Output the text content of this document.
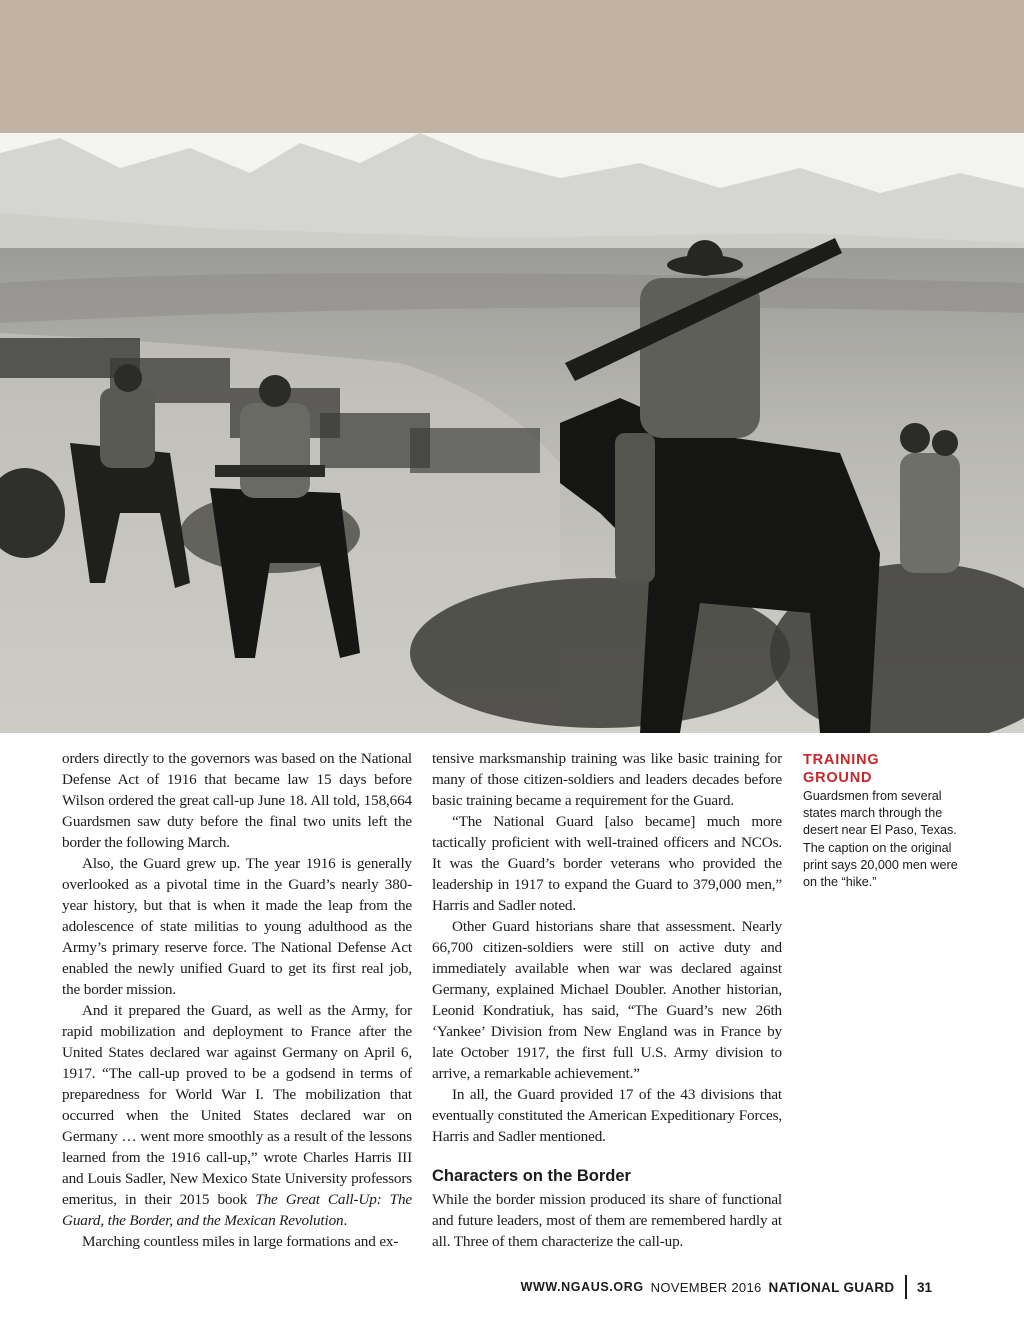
orders directly to the governors was based on the National Defense Act of 1916 that became law 15 days before Wilson ordered the great call-up June 18. All told, 158,664 Guardsmen saw duty before the final two units left the border the following March.

Also, the Guard grew up. The year 1916 is generally overlooked as a pivotal time in the Guard’s nearly 380-year history, but that is when it made the leap from the adolescence of state militias to young adulthood as the Army’s primary reserve force. The National Defense Act enabled the newly unified Guard to get its first real job, the border mission.

And it prepared the Guard, as well as the Army, for rapid mobilization and deployment to France after the United States declared war against Germany on April 6, 1917. “The call-up proved to be a godsend in terms of preparedness for World War I. The mobilization that occurred when the United States declared war on Germany … went more smoothly as a result of the lessons learned from the 1916 call-up,” wrote Charles Harris III and Louis Sadler, New Mexico State University professors emeritus, in their 2015 book The Great Call-Up: The Guard, the Border, and the Mexican Revolution.

Marching countless miles in large formations and ex-

tensive marksmanship training was like basic training for many of those citizen-soldiers and leaders decades before basic training became a requirement for the Guard.

“The National Guard [also became] much more tactically proficient with well-trained officers and NCOs. It was the Guard’s border veterans who provided the leadership in 1917 to expand the Guard to 379,000 men,” Harris and Sadler noted.

Other Guard historians share that assessment. Nearly 66,700 citizen-soldiers were still on active duty and immediately available when war was declared against Germany, explained Michael Doubler. Another historian, Leonid Kondratiuk, has said, “The Guard’s new 26th ‘Yankee’ Division from New England was in France by late October 1917, the first full U.S. Army division to arrive, a remarkable achievement.”

In all, the Guard provided 17 of the 43 divisions that eventually constituted the American Expeditionary Forces, Harris and Sadler mentioned.

Characters on the Border

While the border mission produced its share of functional and future leaders, most of them are remembered hardly at all. Three of them characterize the call-up.

TRAINING
GROUND
Guardsmen from several states march through the desert near El Paso, Texas. The caption on the original print says 20,000 men were on the “hike.”
WWW.NGAUS.ORG NOVEMBER 2016 NATIONAL GUARD 31
